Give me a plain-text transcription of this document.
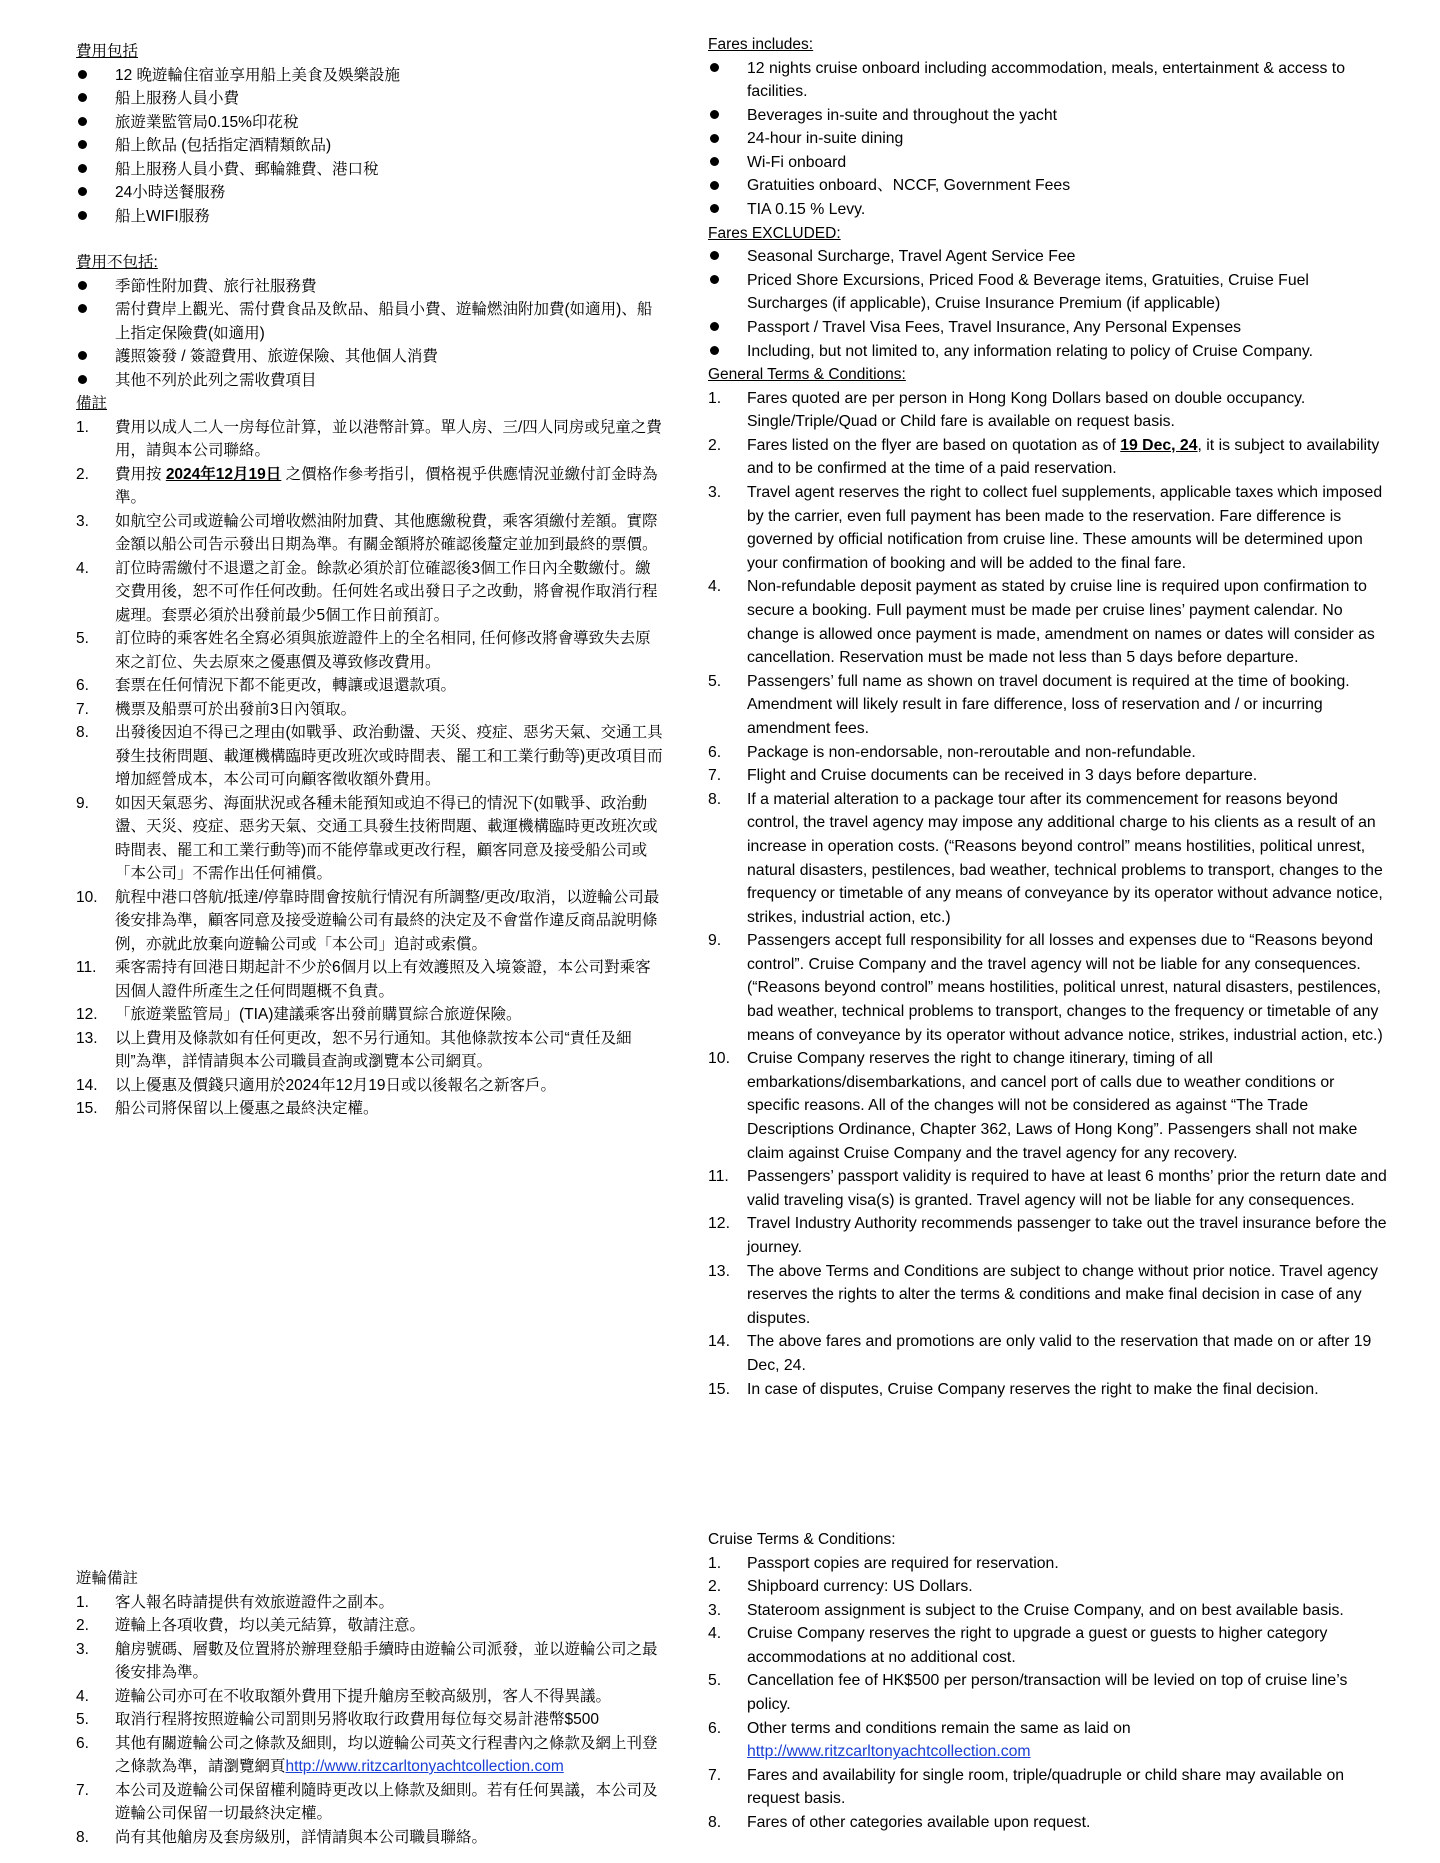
費用包括

12 晚遊輪住宿並享用船上美食及娛樂設施
船上服務人員小費
旅遊業監管局0.15%印花稅
船上飲品 (包括指定酒精類飲品)
船上服務人員小費、郵輪雜費、港口稅
24小時送餐服務
船上WIFI服務

費用不包括:

季節性附加費、旅行社服務費
需付費岸上觀光、需付費食品及飲品、船員小費、遊輪燃油附加費(如適用)、船上指定保險費(如適用)
護照簽發 / 簽證費用、旅遊保險、其他個人消費
其他不列於此列之需收費項目

備註

1.	費用以成人二人一房每位計算，並以港幣計算。單人房、三/四人同房或兒童之費用，請與本公司聯絡。
2.	費用按 2024年12月19日 之價格作參考指引，價格視乎供應情況並繳付訂金時為準。
3.	如航空公司或遊輪公司增收燃油附加費、其他應繳稅費，乘客須繳付差額。實際金額以船公司告示發出日期為準。有關金額將於確認後釐定並加到最終的票價。
4.	訂位時需繳付不退還之訂金。餘款必須於訂位確認後3個工作日內全數繳付。繳交費用後，恕不可作任何改動。任何姓名或出發日子之改動，將會視作取消行程處理。套票必須於出發前最少5個工作日前預訂。
5.	訂位時的乘客姓名全寫必須與旅遊證件上的全名相同, 任何修改將會導致失去原來之訂位、失去原來之優惠價及導致修改費用。
6.	套票在任何情況下都不能更改，轉讓或退還款項。
7.	機票及船票可於出發前3日內領取。
8.	出發後因迫不得已之理由(如戰爭、政治動盪、天災、疫症、惡劣天氣、交通工具發生技術問題、載運機構臨時更改班次或時間表、罷工和工業行動等)更改項目而增加經營成本，本公司可向顧客徵收額外費用。
9.	如因天氣惡劣、海面狀況或各種未能預知或迫不得已的情況下(如戰爭、政治動盪、天災、疫症、惡劣天氣、交通工具發生技術問題、載運機構臨時更改班次或時間表、罷工和工業行動等)而不能停靠或更改行程，顧客同意及接受船公司或「本公司」不需作出任何補償。
10.	航程中港口啓航/抵達/停靠時間會按航行情況有所調整/更改/取消，以遊輪公司最後安排為準，顧客同意及接受遊輪公司有最終的決定及不會當作違反商品說明條例，亦就此放棄向遊輪公司或「本公司」追討或索償。
11.	乘客需持有回港日期起計不少於6個月以上有效護照及入境簽證，本公司對乘客因個人證件所產生之任何問題概不負責。
12.	「旅遊業監管局」(TIA)建議乘客出發前購買綜合旅遊保險。
13.	以上費用及條款如有任何更改，恕不另行通知。其他條款按本公司“責任及細則”為準，詳情請與本公司職員查詢或瀏覽本公司網頁。
14.	以上優惠及價錢只適用於2024年12月19日或以後報名之新客戶。
15.	船公司將保留以上優惠之最終決定權。

遊輪備註

1.	客人報名時請提供有效旅遊證件之副本。
2.	遊輪上各項收費，均以美元結算，敬請注意。
3.	艙房號碼、層數及位置將於辦理登船手續時由遊輪公司派發，並以遊輪公司之最後安排為準。
4.	遊輪公司亦可在不收取額外費用下提升艙房至較高級別，客人不得異議。
5.	取消行程將按照遊輪公司罰則另將收取行政費用每位每交易計港幣$500
6.	其他有關遊輪公司之條款及細則，均以遊輪公司英文行程書內之條款及網上刊登之條款為準，請瀏覽網頁http://www.ritzcarltonyachtcollection.com
7.	本公司及遊輪公司保留權利隨時更改以上條款及細則。若有任何異議，本公司及遊輪公司保留一切最終決定權。
8.	尚有其他艙房及套房級別，詳情請與本公司職員聯絡。

Fares includes:

12 nights cruise onboard including accommodation, meals, entertainment & access to facilities.
Beverages in-suite and throughout the yacht
24-hour in-suite dining
Wi-Fi onboard
Gratuities onboard、NCCF, Government Fees
TIA 0.15 % Levy.

Fares EXCLUDED:

Seasonal Surcharge, Travel Agent Service Fee
Priced Shore Excursions, Priced Food & Beverage items, Gratuities, Cruise Fuel Surcharges (if applicable), Cruise Insurance Premium (if applicable)
Passport / Travel Visa Fees, Travel Insurance, Any Personal Expenses
Including, but not limited to, any information relating to policy of Cruise Company.

General Terms & Conditions:

1.	Fares quoted are per person in Hong Kong Dollars based on double occupancy. Single/Triple/Quad or Child fare is available on request basis.
2.	Fares listed on the flyer are based on quotation as of 19 Dec, 24, it is subject to availability and to be confirmed at the time of a paid reservation.
3.	Travel agent reserves the right to collect fuel supplements, applicable taxes which imposed by the carrier, even full payment has been made to the reservation. Fare difference is governed by official notification from cruise line. These amounts will be determined upon your confirmation of booking and will be added to the final fare.
4.	Non-refundable deposit payment as stated by cruise line is required upon confirmation to secure a booking. Full payment must be made per cruise lines’ payment calendar. No change is allowed once payment is made, amendment on names or dates will consider as cancellation. Reservation must be made not less than 5 days before departure.
5.	Passengers’ full name as shown on travel document is required at the time of booking. Amendment will likely result in fare difference, loss of reservation and / or incurring amendment fees.
6.	Package is non-endorsable, non-reroutable and non-refundable.
7.	Flight and Cruise documents can be received in 3 days before departure.
8.	If a material alteration to a package tour after its commencement for reasons beyond control, the travel agency may impose any additional charge to his clients as a result of an increase in operation costs. (“Reasons beyond control” means hostilities, political unrest, natural disasters, pestilences, bad weather, technical problems to transport, changes to the frequency or timetable of any means of conveyance by its operator without advance notice, strikes, industrial action, etc.)
9.	Passengers accept full responsibility for all losses and expenses due to “Reasons beyond control”. Cruise Company and the travel agency will not be liable for any consequences. (“Reasons beyond control” means hostilities, political unrest, natural disasters, pestilences, bad weather, technical problems to transport, changes to the frequency or timetable of any means of conveyance by its operator without advance notice, strikes, industrial action, etc.)
10.	Cruise Company reserves the right to change itinerary, timing of all embarkations/disembarkations, and cancel port of calls due to weather conditions or specific reasons. All of the changes will not be considered as against “The Trade Descriptions Ordinance, Chapter 362, Laws of Hong Kong”. Passengers shall not make claim against Cruise Company and the travel agency for any recovery.
11.	Passengers’ passport validity is required to have at least 6 months’ prior the return date and valid traveling visa(s) is granted. Travel agency will not be liable for any consequences.
12.	Travel Industry Authority recommends passenger to take out the travel insurance before the journey.
13.	The above Terms and Conditions are subject to change without prior notice. Travel agency reserves the rights to alter the terms & conditions and make final decision in case of any disputes.
14.	The above fares and promotions are only valid to the reservation that made on or after 19 Dec, 24.
15.	In case of disputes, Cruise Company reserves the right to make the final decision.

Cruise Terms & Conditions:

1.	Passport copies are required for reservation.
2.	Shipboard currency: US Dollars.
3.	Stateroom assignment is subject to the Cruise Company, and on best available basis.
4.	Cruise Company reserves the right to upgrade a guest or guests to higher category accommodations at no additional cost.
5.	Cancellation fee of HK$500 per person/transaction will be levied on top of cruise line’s policy.
6.	Other terms and conditions remain the same as laid on
http://www.ritzcarltonyachtcollection.com
7.	Fares and availability for single room, triple/quadruple or child share may available on request basis.
8.	Fares of other categories available upon request.
